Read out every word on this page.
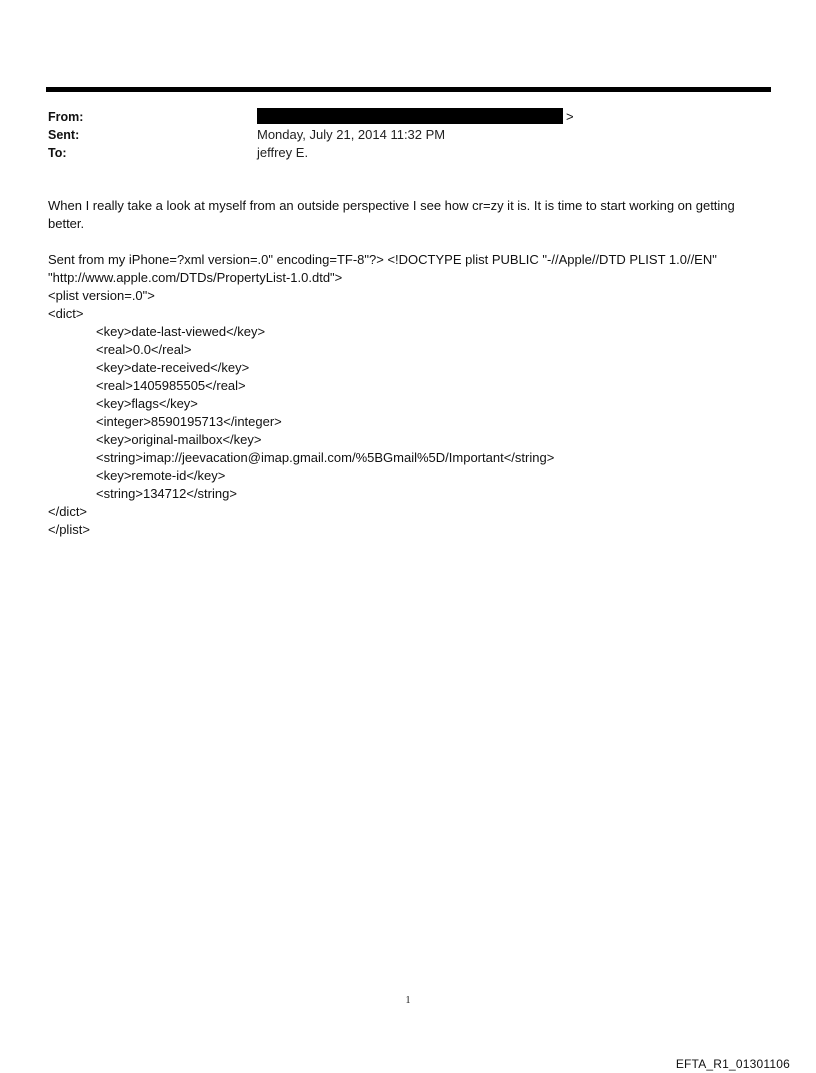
From:	>
Sent:	Monday, July 21, 2014 11:32 PM
To:	jeffrey E.

When I really take a look at myself from an outside perspective I see how cr=zy it is. It is time to start working on getting better.

Sent from my iPhone=?xml version=.0" encoding=TF-8"?> <!DOCTYPE plist PUBLIC "-//Apple//DTD PLIST 1.0//EN"

"http://www.apple.com/DTDs/PropertyList-1.0.dtd">

<plist version=.0">

<dict>

<key>date-last-viewed</key>

<real>0.0</real>

<key>date-received</key>

<real>1405985505</real>

<key>flags</key>

<integer>8590195713</integer>

<key>original-mailbox</key>

<string>imap://jeevacation@imap.gmail.com/%5BGmail%5D/Important</string>

<key>remote-id</key>

<string>134712</string>

</dict>

</plist>

1
EFTA_R1_01301106
